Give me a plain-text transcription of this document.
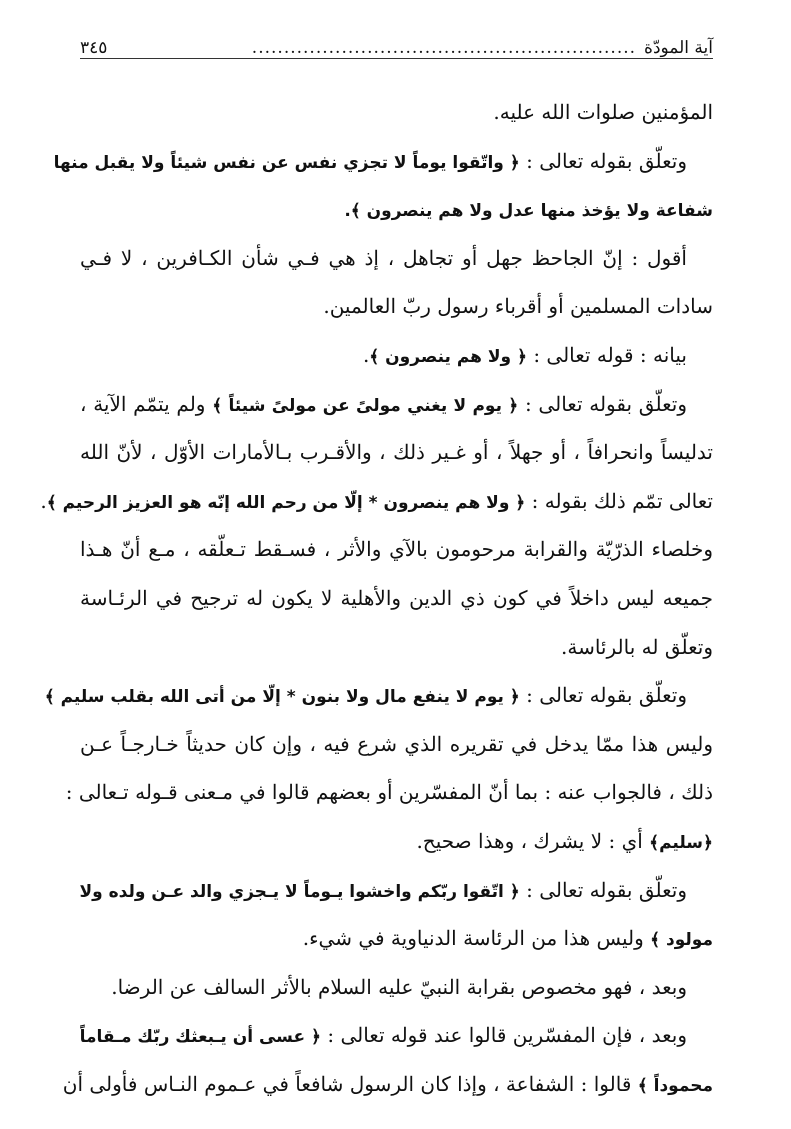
آية المودّة
............................................................
٣٤٥
المؤمنين صلوات الله عليه.
وتعلّق بقوله تعالى : ﴿ واتّقوا يوماً لا تجزي نفس عن نفس شيئاً ولا يقبل منها
شفاعة ولا يؤخذ منها عدل ولا هم ينصرون ﴾.
أقول : إنّ الجاحظ جهل أو تجاهل ، إذ هي فـي شأن الكـافرين ، لا فـي
سادات المسلمين أو أقرباء رسول ربّ العالمين.
بيانه : قوله تعالى : ﴿ ولا هم ينصرون ﴾.
وتعلّق بقوله تعالى : ﴿ يوم لا يغني مولىً عن مولىً شيئاً ﴾ ولم يتمّم الآية ،
تدليساً وانحرافاً ، أو جهلاً ، أو غـير ذلك ، والأقـرب بـالأمارات الأوّل ، لأنّ الله
تعالى تمّم ذلك بقوله : ﴿ ولا هم ينصرون * إلّا من رحم الله إنّه هو العزيز الرحيم ﴾.
وخلصاء الذرّيّة والقرابة مرحومون بالآي والأثر ، فسـقط تـعلّقه ، مـع أنّ هـذا
جميعه ليس داخلاً في كون ذي الدين والأهلية لا يكون له ترجيح في الرئـاسة
وتعلّق له بالرئاسة.
وتعلّق بقوله تعالى : ﴿ يوم لا ينفع مال ولا بنون * إلّا من أتى الله بقلب سليم ﴾
وليس هذا ممّا يدخل في تقريره الذي شرع فيه ، وإن كان حديثاً خـارجـاً عـن
ذلك ، فالجواب عنه : بما أنّ المفسّرين أو بعضهم قالوا في مـعنى قـوله تـعالى :
﴿سليم﴾ أي : لا يشرك ، وهذا صحيح.
وتعلّق بقوله تعالى : ﴿ اتّقوا ربّكم واخشوا يـوماً لا يـجزي والد عـن ولده ولا
مولود ﴾ وليس هذا من الرئاسة الدنياوية في شيء.
وبعد ، فهو مخصوص بقرابة النبيّ عليه السلام بالأثر السالف عن الرضا.
وبعد ، فإن المفسّرين قالوا عند قوله تعالى : ﴿ عسى أن يـبعثك ربّك مـقاماً
محموداً ﴾ قالوا : الشفاعة ، وإذا كان الرسول شافعاً في عـموم النـاس فأولى أن
